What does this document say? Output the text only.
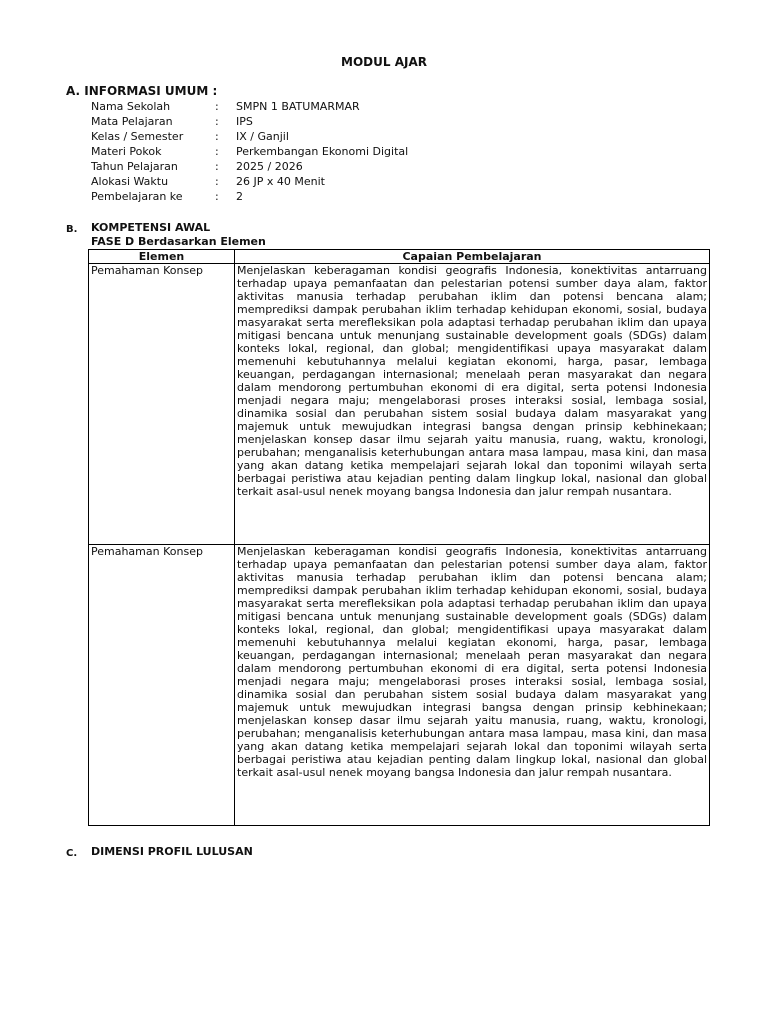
MODUL AJAR
A. INFORMASI UMUM :
Nama Sekolah	: SMPN 1 BATUMARMAR
Mata Pelajaran	: IPS
Kelas / Semester	: IX / Ganjil
Materi Pokok	: Perkembangan Ekonomi Digital
Tahun Pelajaran	: 2025 / 2026
Alokasi Waktu	: 26 JP x 40 Menit
Pembelajaran ke	: 2
B. KOMPETENSI AWAL
FASE D Berdasarkan Elemen
Elemen	Capaian Pembelajaran
Pemahaman Konsep	Menjelaskan keberagaman kondisi geografis Indonesia, konektivitas antarruang terhadap upaya pemanfaatan dan pelestarian potensi sumber daya alam, faktor aktivitas manusia terhadap perubahan iklim dan potensi bencana alam; memprediksi dampak perubahan iklim terhadap kehidupan ekonomi, sosial, budaya masyarakat serta merefleksikan pola adaptasi terhadap perubahan iklim dan upaya mitigasi bencana untuk menunjang sustainable development goals (SDGs) dalam konteks lokal, regional, dan global; mengidentifikasi upaya masyarakat dalam memenuhi kebutuhannya melalui kegiatan ekonomi, harga, pasar, lembaga keuangan, perdagangan internasional; menelaah peran masyarakat dan negara dalam mendorong pertumbuhan ekonomi di era digital, serta potensi Indonesia menjadi negara maju; mengelaborasi proses interaksi sosial, lembaga sosial, dinamika sosial dan perubahan sistem sosial budaya dalam masyarakat yang majemuk untuk mewujudkan integrasi bangsa dengan prinsip kebhinekaan; menjelaskan konsep dasar ilmu sejarah yaitu manusia, ruang, waktu, kronologi, perubahan; menganalisis keterhubungan antara masa lampau, masa kini, dan masa yang akan datang ketika mempelajari sejarah lokal dan toponimi wilayah serta berbagai peristiwa atau kejadian penting dalam lingkup lokal, nasional dan global terkait asal-usul nenek moyang bangsa Indonesia dan jalur rempah nusantara.
Pemahaman Konsep	Menjelaskan keberagaman kondisi geografis Indonesia, konektivitas antarruang terhadap upaya pemanfaatan dan pelestarian potensi sumber daya alam, faktor aktivitas manusia terhadap perubahan iklim dan potensi bencana alam; memprediksi dampak perubahan iklim terhadap kehidupan ekonomi, sosial, budaya masyarakat serta merefleksikan pola adaptasi terhadap perubahan iklim dan upaya mitigasi bencana untuk menunjang sustainable development goals (SDGs) dalam konteks lokal, regional, dan global; mengidentifikasi upaya masyarakat dalam memenuhi kebutuhannya melalui kegiatan ekonomi, harga, pasar, lembaga keuangan, perdagangan internasional; menelaah peran masyarakat dan negara dalam mendorong pertumbuhan ekonomi di era digital, serta potensi Indonesia menjadi negara maju; mengelaborasi proses interaksi sosial, lembaga sosial, dinamika sosial dan perubahan sistem sosial budaya dalam masyarakat yang majemuk untuk mewujudkan integrasi bangsa dengan prinsip kebhinekaan; menjelaskan konsep dasar ilmu sejarah yaitu manusia, ruang, waktu, kronologi, perubahan; menganalisis keterhubungan antara masa lampau, masa kini, dan masa yang akan datang ketika mempelajari sejarah lokal dan toponimi wilayah serta berbagai peristiwa atau kejadian penting dalam lingkup lokal, nasional dan global terkait asal-usul nenek moyang bangsa Indonesia dan jalur rempah nusantara.
C. DIMENSI PROFIL LULUSAN
